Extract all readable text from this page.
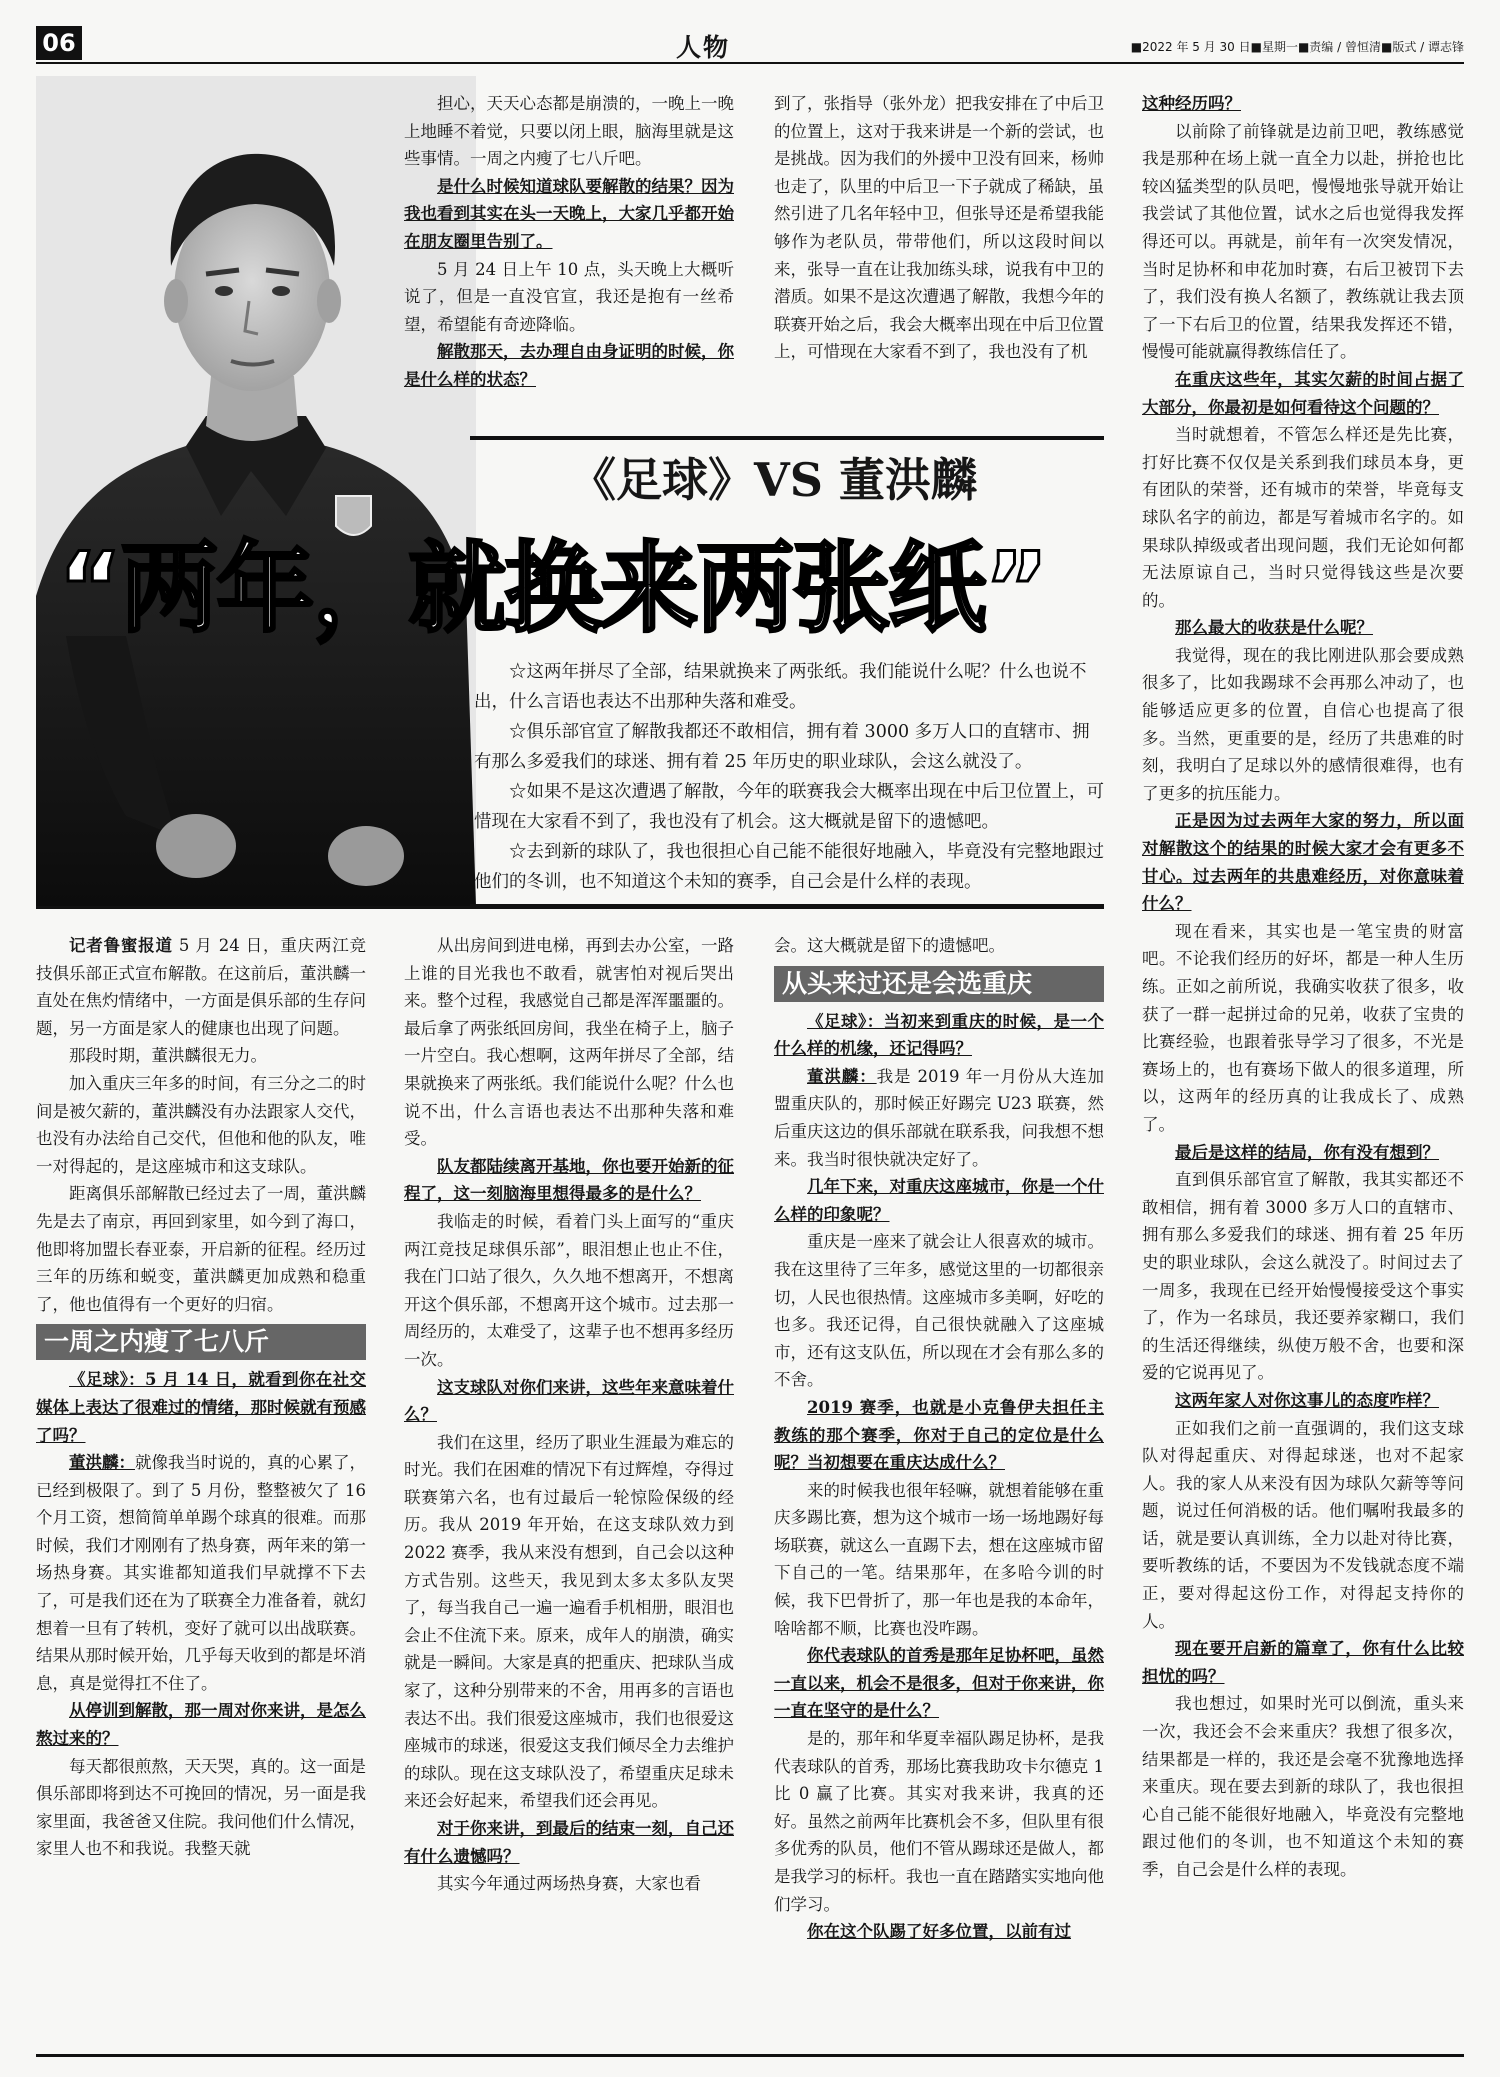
06	人物	■2022 年 5 月 30 日■星期一■责编 / 曾恒清■版式 / 谭志锋

担心，天天心态都是崩溃的，一晚上一晚上地睡不着觉，只要以闭上眼，脑海里就是这些事情。一周之内瘦了七八斤吧。

是什么时候知道球队要解散的结果？因为我也看到其实在头一天晚上，大家几乎都开始在朋友圈里告别了。

5 月 24 日上午 10 点，头天晚上大概听说了，但是一直没官宣，我还是抱有一丝希望，希望能有奇迹降临。

解散那天，去办理自由身证明的时候，你是什么样的状态？

到了，张指导（张外龙）把我安排在了中后卫的位置上，这对于我来讲是一个新的尝试，也是挑战。因为我们的外援中卫没有回来，杨帅也走了，队里的中后卫一下子就成了稀缺，虽然引进了几名年轻中卫，但张导还是希望我能够作为老队员，带带他们，所以这段时间以来，张导一直在让我加练头球，说我有中卫的潜质。如果不是这次遭遇了解散，我想今年的联赛开始之后，我会大概率出现在中后卫位置上，可惜现在大家看不到了，我也没有了机

《足球》VS 董洪麟
“两年，就换来两张纸”

☆这两年拼尽了全部，结果就换来了两张纸。我们能说什么呢？什么也说不出，什么言语也表达不出那种失落和难受。

☆俱乐部官宣了解散我都还不敢相信，拥有着 3000 多万人口的直辖市、拥有那么多爱我们的球迷、拥有着 25 年历史的职业球队，会这么就没了。

☆如果不是这次遭遇了解散，今年的联赛我会大概率出现在中后卫位置上，可惜现在大家看不到了，我也没有了机会。这大概就是留下的遗憾吧。

☆去到新的球队了，我也很担心自己能不能很好地融入，毕竟没有完整地跟过他们的冬训，也不知道这个未知的赛季，自己会是什么样的表现。

记者鲁蜜报道 5 月 24 日，重庆两江竞技俱乐部正式宣布解散。在这前后，董洪麟一直处在焦灼情绪中，一方面是俱乐部的生存问题，另一方面是家人的健康也出现了问题。

那段时期，董洪麟很无力。

加入重庆三年多的时间，有三分之二的时间是被欠薪的，董洪麟没有办法跟家人交代，也没有办法给自己交代，但他和他的队友，唯一对得起的，是这座城市和这支球队。

距离俱乐部解散已经过去了一周，董洪麟先是去了南京，再回到家里，如今到了海口，他即将加盟长春亚泰，开启新的征程。经历过三年的历练和蜕变，董洪麟更加成熟和稳重了，他也值得有一个更好的归宿。

一周之内瘦了七八斤

《足球》：5 月 14 日，就看到你在社交媒体上表达了很难过的情绪，那时候就有预感了吗？

董洪麟：就像我当时说的，真的心累了，已经到极限了。到了 5 月份，整整被欠了 16 个月工资，想简简单单踢个球真的很难。而那时候，我们才刚刚有了热身赛，两年来的第一场热身赛。其实谁都知道我们早就撑不下去了，可是我们还在为了联赛全力准备着，就幻想着一旦有了转机，变好了就可以出战联赛。结果从那时候开始，几乎每天收到的都是坏消息，真是觉得扛不住了。

从停训到解散，那一周对你来讲，是怎么熬过来的？

每天都很煎熬，天天哭，真的。这一面是俱乐部即将到达不可挽回的情况，另一面是我家里面，我爸爸又住院。我问他们什么情况，家里人也不和我说。我整天就

从出房间到进电梯，再到去办公室，一路上谁的目光我也不敢看，就害怕对视后哭出来。整个过程，我感觉自己都是浑浑噩噩的。最后拿了两张纸回房间，我坐在椅子上，脑子一片空白。我心想啊，这两年拼尽了全部，结果就换来了两张纸。我们能说什么呢？什么也说不出，什么言语也表达不出那种失落和难受。

队友都陆续离开基地，你也要开始新的征程了，这一刻脑海里想得最多的是什么？

我临走的时候，看着门头上面写的“重庆两江竞技足球俱乐部”，眼泪想止也止不住，我在门口站了很久，久久地不想离开，不想离开这个俱乐部，不想离开这个城市。过去那一周经历的，太难受了，这辈子也不想再多经历一次。

这支球队对你们来讲，这些年来意味着什么？

我们在这里，经历了职业生涯最为难忘的时光。我们在困难的情况下有过辉煌，夺得过联赛第六名，也有过最后一轮惊险保级的经历。我从 2019 年开始，在这支球队效力到 2022 赛季，我从来没有想到，自己会以这种方式告别。这些天，我见到太多太多队友哭了，每当我自己一遍一遍看手机相册，眼泪也会止不住流下来。原来，成年人的崩溃，确实就是一瞬间。大家是真的把重庆、把球队当成家了，这种分别带来的不舍，用再多的言语也表达不出。我们很爱这座城市，我们也很爱这座城市的球迷，很爱这支我们倾尽全力去维护的球队。现在这支球队没了，希望重庆足球未来还会好起来，希望我们还会再见。

对于你来讲，到最后的结束一刻，自己还有什么遗憾吗？

其实今年通过两场热身赛，大家也看

会。这大概就是留下的遗憾吧。

从头来过还是会选重庆

《足球》：当初来到重庆的时候，是一个什么样的机缘，还记得吗？

董洪麟：我是 2019 年一月份从大连加盟重庆队的，那时候正好踢完 U23 联赛，然后重庆这边的俱乐部就在联系我，问我想不想来。我当时很快就决定好了。

几年下来，对重庆这座城市，你是一个什么样的印象呢？

重庆是一座来了就会让人很喜欢的城市。我在这里待了三年多，感觉这里的一切都很亲切，人民也很热情。这座城市多美啊，好吃的也多。我还记得，自己很快就融入了这座城市，还有这支队伍，所以现在才会有那么多的不舍。

2019 赛季，也就是小克鲁伊夫担任主教练的那个赛季，你对于自己的定位是什么呢？当初想要在重庆达成什么？

来的时候我也很年轻嘛，就想着能够在重庆多踢比赛，想为这个城市一场一场地踢好每场联赛，就这么一直踢下去，想在这座城市留下自己的一笔。结果那年，在多哈今训的时候，我下巴骨折了，那一年也是我的本命年，啥啥都不顺，比赛也没咋踢。

你代表球队的首秀是那年足协杯吧，虽然一直以来，机会不是很多，但对于你来讲，你一直在坚守的是什么？

是的，那年和华夏幸福队踢足协杯，是我代表球队的首秀，那场比赛我助攻卡尔德克 1 比 0 赢了比赛。其实对我来讲，我真的还好。虽然之前两年比赛机会不多，但队里有很多优秀的队员，他们不管从踢球还是做人，都是我学习的标杆。我也一直在踏踏实实地向他们学习。

你在这个队踢了好多位置，以前有过

这种经历吗？

以前除了前锋就是边前卫吧，教练感觉我是那种在场上就一直全力以赴，拼抢也比较凶猛类型的队员吧，慢慢地张导就开始让我尝试了其他位置，试水之后也觉得我发挥得还可以。再就是，前年有一次突发情况，当时足协杯和申花加时赛，右后卫被罚下去了，我们没有换人名额了，教练就让我去顶了一下右后卫的位置，结果我发挥还不错，慢慢可能就赢得教练信任了。

在重庆这些年，其实欠薪的时间占据了大部分，你最初是如何看待这个问题的？

当时就想着，不管怎么样还是先比赛，打好比赛不仅仅是关系到我们球员本身，更有团队的荣誉，还有城市的荣誉，毕竟每支球队名字的前边，都是写着城市名字的。如果球队掉级或者出现问题，我们无论如何都无法原谅自己，当时只觉得钱这些是次要的。

那么最大的收获是什么呢？

我觉得，现在的我比刚进队那会要成熟很多了，比如我踢球不会再那么冲动了，也能够适应更多的位置，自信心也提高了很多。当然，更重要的是，经历了共患难的时刻，我明白了足球以外的感情很难得，也有了更多的抗压能力。

正是因为过去两年大家的努力，所以面对解散这个的结果的时候大家才会有更多不甘心。过去两年的共患难经历，对你意味着什么？

现在看来，其实也是一笔宝贵的财富吧。不论我们经历的好坏，都是一种人生历练。正如之前所说，我确实收获了很多，收获了一群一起拼过命的兄弟，收获了宝贵的比赛经验，也跟着张导学习了很多，不光是赛场上的，也有赛场下做人的很多道理，所以，这两年的经历真的让我成长了、成熟了。

最后是这样的结局，你有没有想到？

直到俱乐部官宣了解散，我其实都还不敢相信，拥有着 3000 多万人口的直辖市、拥有那么多爱我们的球迷、拥有着 25 年历史的职业球队，会这么就没了。时间过去了一周多，我现在已经开始慢慢接受这个事实了，作为一名球员，我还要养家糊口，我们的生活还得继续，纵使万般不舍，也要和深爱的它说再见了。

这两年家人对你这事儿的态度咋样？

正如我们之前一直强调的，我们这支球队对得起重庆、对得起球迷，也对不起家人。我的家人从来没有因为球队欠薪等等问题，说过任何消极的话。他们嘱咐我最多的话，就是要认真训练，全力以赴对待比赛，要听教练的话，不要因为不发钱就态度不端正，要对得起这份工作，对得起支持你的人。

现在要开启新的篇章了，你有什么比较担忧的吗？

我也想过，如果时光可以倒流，重头来一次，我还会不会来重庆？我想了很多次，结果都是一样的，我还是会毫不犹豫地选择来重庆。现在要去到新的球队了，我也很担心自己能不能很好地融入，毕竟没有完整地跟过他们的冬训，也不知道这个未知的赛季，自己会是什么样的表现。
